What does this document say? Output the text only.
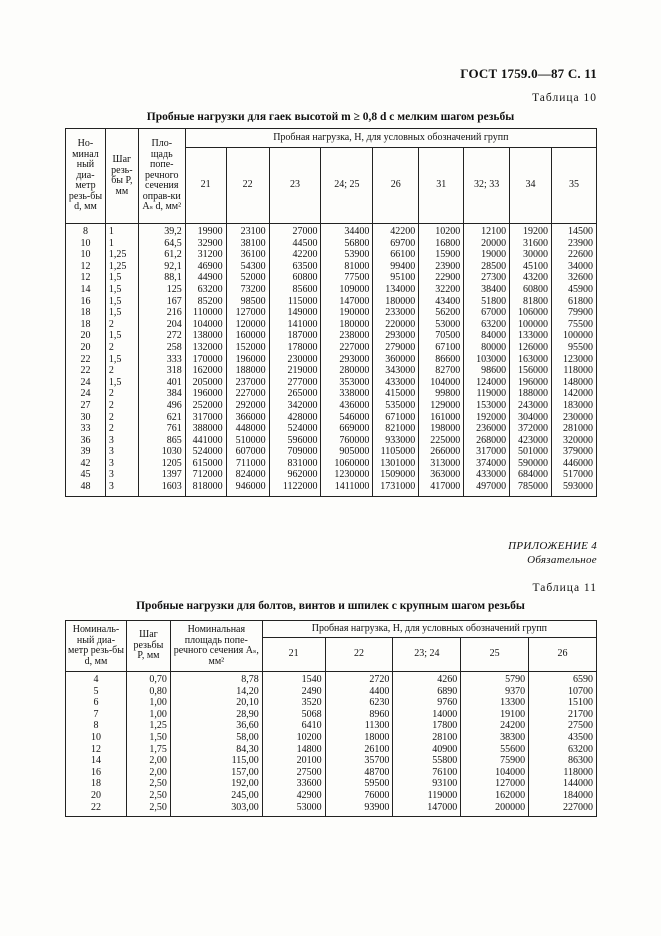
ГОСТ 1759.0—87 С. 11
Таблица 10
Пробные нагрузки для гаек высотой m ≥ 0,8 d с мелким шагом резьбы
Но-минал ный диа-метр резь-бы d, мм	Шаг резь-бы P, мм	Пло-щадь попе-речного сечения оправ-ки Aₛ d, мм²	Пробная нагрузка, Н, для условных обозначений групп								
			21	22	23	24; 25	26	31	32; 33	34	35
8	1	39,2	19900	23100	27000	34400	42200	10200	12100	19200	14500
10	1	64,5	32900	38100	44500	56800	69700	16800	20000	31600	23900
10	1,25	61,2	31200	36100	42200	53900	66100	15900	19000	30000	22600
12	1,25	92,1	46900	54300	63500	81000	99400	23900	28500	45100	34000
12	1,5	88,1	44900	52000	60800	77500	95100	22900	27300	43200	32600
14	1,5	125	63200	73200	85600	109000	134000	32200	38400	60800	45900
16	1,5	167	85200	98500	115000	147000	180000	43400	51800	81800	61800
18	1,5	216	110000	127000	149000	190000	233000	56200	67000	106000	79900
18	2	204	104000	120000	141000	180000	220000	53000	63200	100000	75500
20	1,5	272	138000	160000	187000	238000	293000	70500	84000	133000	100000
20	2	258	132000	152000	178000	227000	279000	67100	80000	126000	95500
22	1,5	333	170000	196000	230000	293000	360000	86600	103000	163000	123000
22	2	318	162000	188000	219000	280000	343000	82700	98600	156000	118000
24	1,5	401	205000	237000	277000	353000	433000	104000	124000	196000	148000
24	2	384	196000	227000	265000	338000	415000	99800	119000	188000	142000
27	2	496	252000	292000	342000	436000	535000	129000	153000	243000	183000
30	2	621	317000	366000	428000	546000	671000	161000	192000	304000	230000
33	2	761	388000	448000	524000	669000	821000	198000	236000	372000	281000
36	3	865	441000	510000	596000	760000	933000	225000	268000	423000	320000
39	3	1030	524000	607000	709000	905000	1105000	266000	317000	501000	379000
42	3	1205	615000	711000	831000	1060000	1301000	313000	374000	590000	446000
45	3	1397	712000	824000	962000	1230000	1509000	363000	433000	684000	517000
48	3	1603	818000	946000	1122000	1411000	1731000	417000	497000	785000	593000
ПРИЛОЖЕНИЕ 4
Обязательное
Таблица 11
Пробные нагрузки для болтов, винтов и шпилек с крупным шагом резьбы
Номиналь-ный диа-метр резь-бы d, мм	Шаг резьбы P, мм	Номинальная площадь попе-речного сечения Aₛ, мм²	Пробная нагрузка, Н, для условных обозначений групп				
			21	22	23; 24	25	26
4	0,70	8,78	1540	2720	4260	5790	6590
5	0,80	14,20	2490	4400	6890	9370	10700
6	1,00	20,10	3520	6230	9760	13300	15100
7	1,00	28,90	5068	8960	14000	19100	21700
8	1,25	36,60	6410	11300	17800	24200	27500
10	1,50	58,00	10200	18000	28100	38300	43500
12	1,75	84,30	14800	26100	40900	55600	63200
14	2,00	115,00	20100	35700	55800	75900	86300
16	2,00	157,00	27500	48700	76100	104000	118000
18	2,50	192,00	33600	59500	93100	127000	144000
20	2,50	245,00	42900	76000	119000	162000	184000
22	2,50	303,00	53000	93900	147000	200000	227000
